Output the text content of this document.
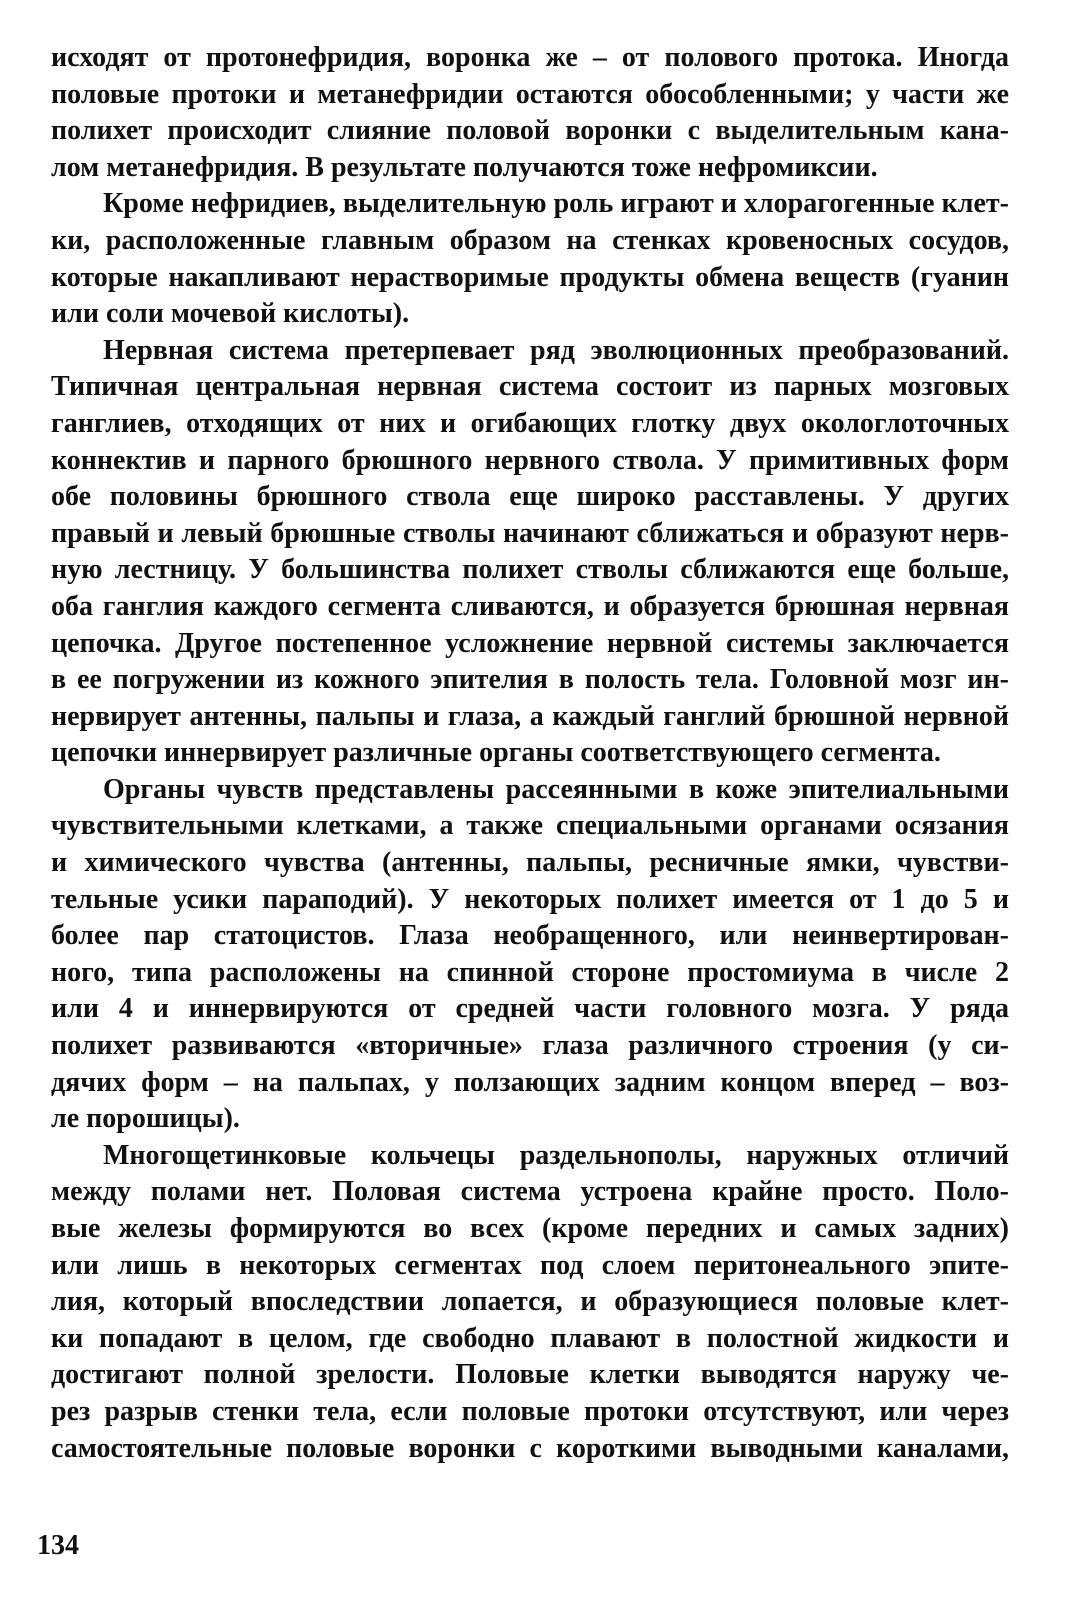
исходят от протонефридия, воронка же – от полового протока. Иногда
половые протоки и метанефридии остаются обособленными; у части же
полихет происходит слияние половой воронки с выделительным кана-
лом метанефридия. В результате получаются тоже нефромиксии.

Кроме нефридиев, выделительную роль играют и хлорагогенные клет-
ки, расположенные главным образом на стенках кровеносных сосудов,
которые накапливают нерастворимые продукты обмена веществ (гуанин
или соли мочевой кислоты).

Нервная система претерпевает ряд эволюционных преобразований.
Типичная центральная нервная система состоит из парных мозговых
ганглиев, отходящих от них и огибающих глотку двух окологлоточных
коннектив и парного брюшного нервного ствола. У примитивных форм
обе половины брюшного ствола еще широко расставлены. У других
правый и левый брюшные стволы начинают сближаться и образуют нерв-
ную лестницу. У большинства полихет стволы сближаются еще больше,
оба ганглия каждого сегмента сливаются, и образуется брюшная нервная
цепочка. Другое постепенное усложнение нервной системы заключается
в ее погружении из кожного эпителия в полость тела. Головной мозг ин-
нервирует антенны, пальпы и глаза, а каждый ганглий брюшной нервной
цепочки иннервирует различные органы соответствующего сегмента.

Органы чувств представлены рассеянными в коже эпителиальными
чувствительными клетками, а также специальными органами осязания
и химического чувства (антенны, пальпы, ресничные ямки, чувстви-
тельные усики параподий). У некоторых полихет имеется от 1 до 5 и
более пар статоцистов. Глаза необращенного, или неинвертирован-
ного, типа расположены на спинной стороне простомиума в числе 2
или 4 и иннервируются от средней части головного мозга. У ряда
полихет развиваются «вторичные» глаза различного строения (у си-
дячих форм – на пальпах, у ползающих задним концом вперед – воз-
ле порошицы).

Многощетинковые кольчецы раздельнополы, наружных отличий
между полами нет. Половая система устроена крайне просто. Поло-
вые железы формируются во всех (кроме передних и самых задних)
или лишь в некоторых сегментах под слоем перитонеального эпите-
лия, который впоследствии лопается, и образующиеся половые клет-
ки попадают в целом, где свободно плавают в полостной жидкости и
достигают полной зрелости. Половые клетки выводятся наружу че-
рез разрыв стенки тела, если половые протоки отсутствуют, или через
самостоятельные половые воронки с короткими выводными каналами,

134
